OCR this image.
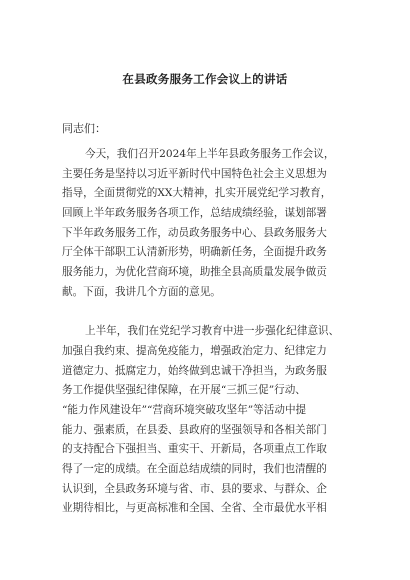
在县政务服务工作会议上的讲话
同志们：
今天，我们召开2024年上半年县政务服务工作会议，
主要任务是坚持以习近平新时代中国特色社会主义思想为
指导，全面贯彻党的XX大精神，扎实开展党纪学习教育，
回顾上半年政务服务各项工作，总结成绩经验，谋划部署
下半年政务服务工作，动员政务服务中心、县政务服务大
厅全体干部职工认清新形势，明确新任务，全面提升政务
服务能力，为优化营商环境，助推全县高质量发展争做贡
献。下面，我讲几个方面的意见。
上半年，我们在党纪学习教育中进一步强化纪律意识、
加强自我约束、提高免疫能力，增强政治定力、纪律定力
道德定力、抵腐定力，始终做到忠诚干净担当，为政务服
务工作提供坚强纪律保障，在开展“三抓三促”行动、
“能力作风建设年”“营商环境突破攻坚年”等活动中提
能力、强素质，在县委、县政府的坚强领导和各相关部门
的支持配合下强担当、重实干、开新局，各项重点工作取
得了一定的成绩。在全面总结成绩的同时，我们也清醒的
认识到，全县政务环境与省、市、县的要求、与群众、企
业期待相比，与更高标准和全国、全省、全市最优水平相
